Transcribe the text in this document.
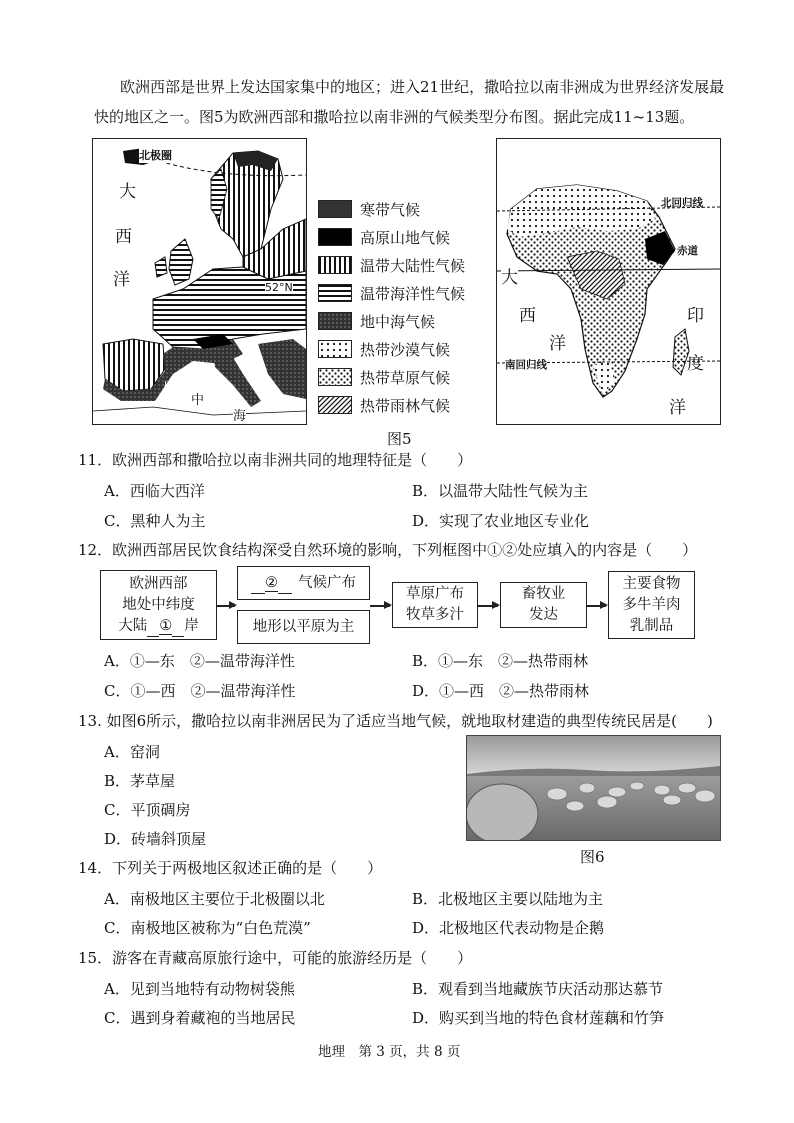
欧洲西部是世界上发达国家集中的地区；进入21世纪，撒哈拉以南非洲成为世界经济发展最
快的地区之一。图5为欧洲西部和撒哈拉以南非洲的气候类型分布图。据此完成11~13题。
北极圈
大
西
洋	52°N
地
中
海
寒带气候
高原山地气候
温带大陆性气候
温带海洋性气候
地中海气候
热带沙漠气候
热带草原气候
热带雨林气候
北回归线
赤道
南回归线
大
西
洋
印
度
洋
图5
11．欧洲西部和撒哈拉以南非洲共同的地理特征是（　　）
A．西临大西洋	B．以温带大陆性气候为主
C．黑种人为主	D．实现了农业地区专业化
12．欧洲西部居民饮食结构深受自然环境的影响，下列框图中①②处应填入的内容是（　　）
欧洲西部
地处中纬度
大陆 ① 岸
② 气候广布
地形以平原为主
草原广布
牧草多汁
畜牧业
发达
主要食物
多牛羊肉
乳制品
A．①—东　②—温带海洋性	B．①—东　②—热带雨林
C．①—西　②—温带海洋性	D．①—西　②—热带雨林
13. 如图6所示，撒哈拉以南非洲居民为了适应当地气候，就地取材建造的典型传统民居是(　　)
A．窑洞
B．茅草屋
C．平顶碉房
D．砖墙斜顶屋
图6
14．下列关于两极地区叙述正确的是（　　）
A．南极地区主要位于北极圈以北	B．北极地区主要以陆地为主
C．南极地区被称为“白色荒漠”	D．北极地区代表动物是企鹅
15．游客在青藏高原旅行途中，可能的旅游经历是（　　）
A．见到当地特有动物树袋熊	B．观看到当地藏族节庆活动那达慕节
C．遇到身着藏袍的当地居民	D．购买到当地的特色食材莲藕和竹笋
地理　第 3 页，共 8 页
